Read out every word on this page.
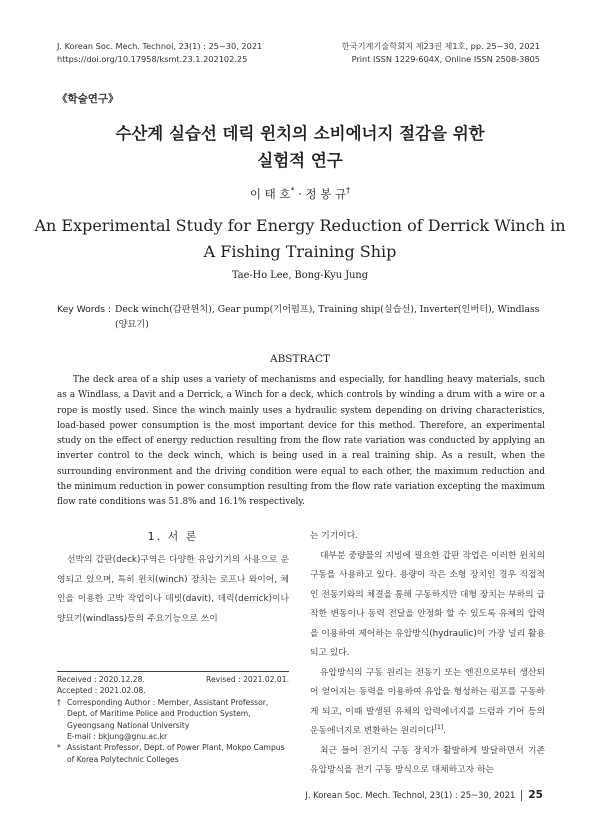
J. Korean Soc. Mech. Technol, 23(1) : 25~30, 2021
https://doi.org/10.17958/ksmt.23.1.202102.25
한국기계기술학회지 제23권 제1호, pp. 25~30, 2021
Print ISSN 1229-604X, Online ISSN 2508-3805
《학술연구》
수산계 실습선 데릭 윈치의 소비에너지 절감을 위한
실험적 연구
이 태 호* · 정 봉 규†
An Experimental Study for Energy Reduction of Derrick Winch in
A Fishing Training Ship
Tae-Ho Lee, Bong-Kyu Jung
Key Words : Deck winch(갑판윈치), Gear pump(기어펌프), Training ship(실습선), Inverter(인버터), Windlass (양묘기)
ABSTRACT

The deck area of a ship uses a variety of mechanisms and especially, for handling heavy materials, such as a Windlass, a Davit and a Derrick, a Winch for a deck, which controls by winding a drum with a wire or a rope is mostly used. Since the winch mainly uses a hydraulic system depending on driving characteristics, load-based power consumption is the most important device for this method. Therefore, an experimental study on the effect of energy reduction resulting from the flow rate variation was conducted by applying an inverter control to the deck winch, which is being used in a real training ship. As a result, when the surrounding environment and the driving condition were equal to each other, the maximum reduction and the minimum reduction in power consumption resulting from the flow rate variation excepting the maximum flow rate conditions was 51.8% and 16.1% respectively.

1. 서 론

선박의 갑판(deck)구역은 다양한 유압기기의 사용으로 운영되고 있으며, 특히 윈치(winch) 장치는 로프나 와이어, 체인을 이용한 고박 작업이나 데빗(davit), 데릭(derrick)이나 양묘기(windlass)등의 주요기능으로 쓰이

는 기기이다.

대부분 중량물의 지빙에 필요한 갑판 작업은 이러한 윈치의 구동을 사용하고 있다. 용량이 작은 소형 장치인 경우 직접적인 전동기와의 체결을 통해 구동하지만 대형 장치는 부하의 급작한 변동이나 동력 전달을 안정화 할 수 있도록 유체의 압력을 이용하여 제어하는 유압방식(hydraulic)이 가장 널리 활용되고 있다.

유압방식의 구동 원리는 전동기 또는 엔진으로부터 생산되어 얻어지는 동력을 이용하여 유압을 형성하는 펌프를 구동하게 되고, 이때 발생된 유체의 압력에너지를 드럼과 기어 등의 운동에너지로 변환하는 원리이다[1].

최근 들어 전기식 구동 장치가 활발하게 발달하면서 기존 유압방식을 전기 구동 방식으로 대체하고자 하는

Received : 2020.12.28.	Revised : 2021.02.01.
Accepted : 2021.02.08.
† Corresponding Author : Member, Assistant Professor, Dept. of Maritime Police and Production System, Gyeongsang National University
E-mail : bkjung@gnu.ac.kr
* Assistant Professor, Dept. of Power Plant, Mokpo Campus of Korea Polytechnic Colleges
J. Korean Soc. Mech. Technol, 23(1) : 25~30, 2021 25
